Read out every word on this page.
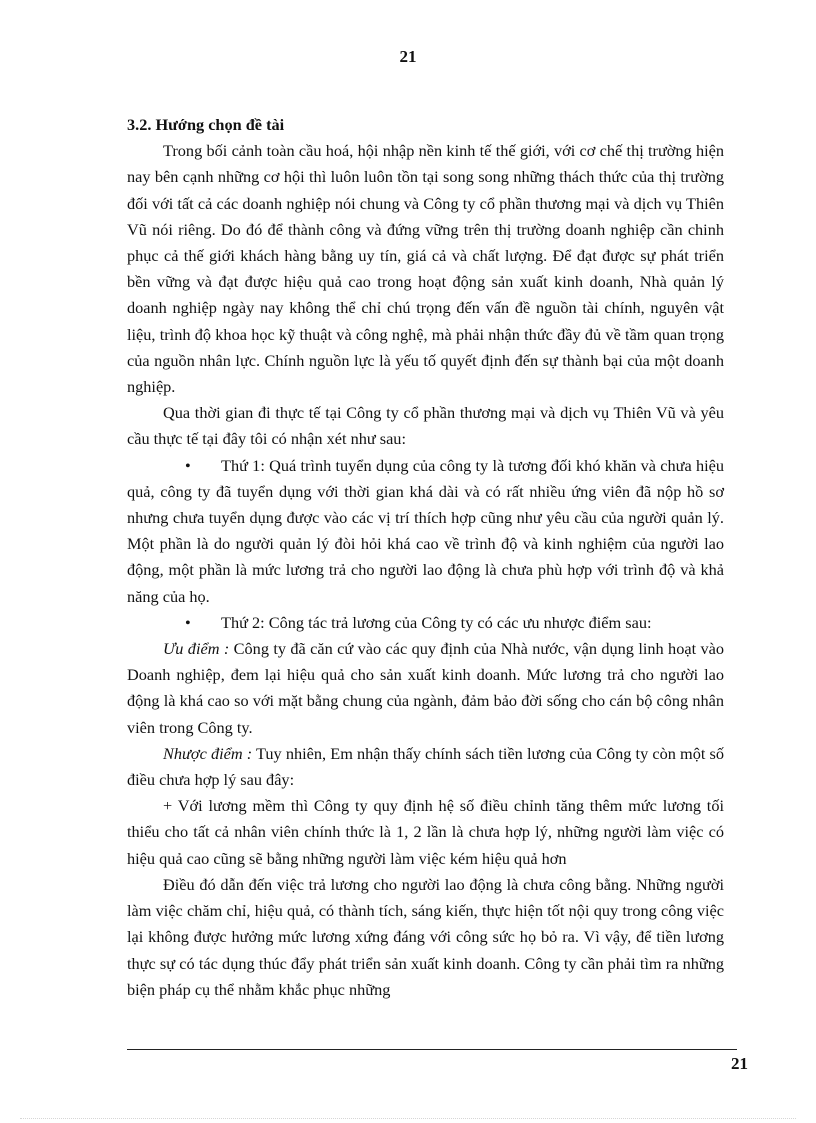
21

3.2. Hướng chọn đề tài

Trong bối cảnh toàn cầu hoá, hội nhập nền kinh tế thế giới, với cơ chế thị trường hiện nay bên cạnh những cơ hội thì luôn luôn tồn tại song song những thách thức của thị trường đối với tất cả các doanh nghiệp nói chung và Công ty cổ phần thương mại và dịch vụ Thiên Vũ nói riêng. Do đó để thành công và đứng vững trên thị trường doanh nghiệp cần chinh phục cả thế giới khách hàng bằng uy tín, giá cả và chất lượng. Để đạt được sự phát triển bền vững và đạt được hiệu quả cao trong hoạt động sản xuất kinh doanh, Nhà quản lý doanh nghiệp ngày nay không thể chỉ chú trọng đến vấn đề nguồn tài chính, nguyên vật liệu, trình độ khoa học kỹ thuật và công nghệ, mà phải nhận thức đầy đủ về tầm quan trọng của nguồn nhân lực. Chính nguồn lực là yếu tố quyết định đến sự thành bại của một doanh nghiệp.

Qua thời gian đi thực tế tại Công ty cổ phần thương mại và dịch vụ Thiên Vũ và yêu cầu thực tế tại đây tôi có nhận xét như sau:

• Thứ 1: Quá trình tuyển dụng của công ty là tương đối khó khăn và chưa hiệu quả, công ty đã tuyển dụng với thời gian khá dài và có rất nhiều ứng viên đã nộp hồ sơ nhưng chưa tuyển dụng được vào các vị trí thích hợp cũng như yêu cầu của người quản lý. Một phần là do người quản lý đòi hỏi khá cao về trình độ và kinh nghiệm của người lao động, một phần là mức lương trả cho người lao động là chưa phù hợp với trình độ và khả năng của họ.

• Thứ 2: Công tác trả lương của Công ty có các ưu nhược điểm sau:

Ưu điểm : Công ty đã căn cứ vào các quy định của Nhà nước, vận dụng linh hoạt vào Doanh nghiệp, đem lại hiệu quả cho sản xuất kinh doanh. Mức lương trả cho người lao động là khá cao so với mặt bằng chung của ngành, đảm bảo đời sống cho cán bộ công nhân viên trong Công ty.

Nhược điểm : Tuy nhiên, Em nhận thấy chính sách tiền lương của Công ty còn một số điều chưa hợp lý sau đây:

+ Với lương mềm thì Công ty quy định hệ số điều chỉnh tăng thêm mức lương tối thiểu cho tất cả nhân viên chính thức là 1, 2 lần là chưa hợp lý, những người làm việc có hiệu quả cao cũng sẽ bằng những người làm việc kém hiệu quả hơn

Điều đó dẫn đến việc trả lương cho người lao động là chưa công bằng. Những người làm việc chăm chỉ, hiệu quả, có thành tích, sáng kiến, thực hiện tốt nội quy trong công việc lại không được hưởng mức lương xứng đáng với công sức họ bỏ ra. Vì vậy, để tiền lương thực sự có tác dụng thúc đẩy phát triển sản xuất kinh doanh. Công ty cần phải tìm ra những biện pháp cụ thể nhằm khắc phục những

21
